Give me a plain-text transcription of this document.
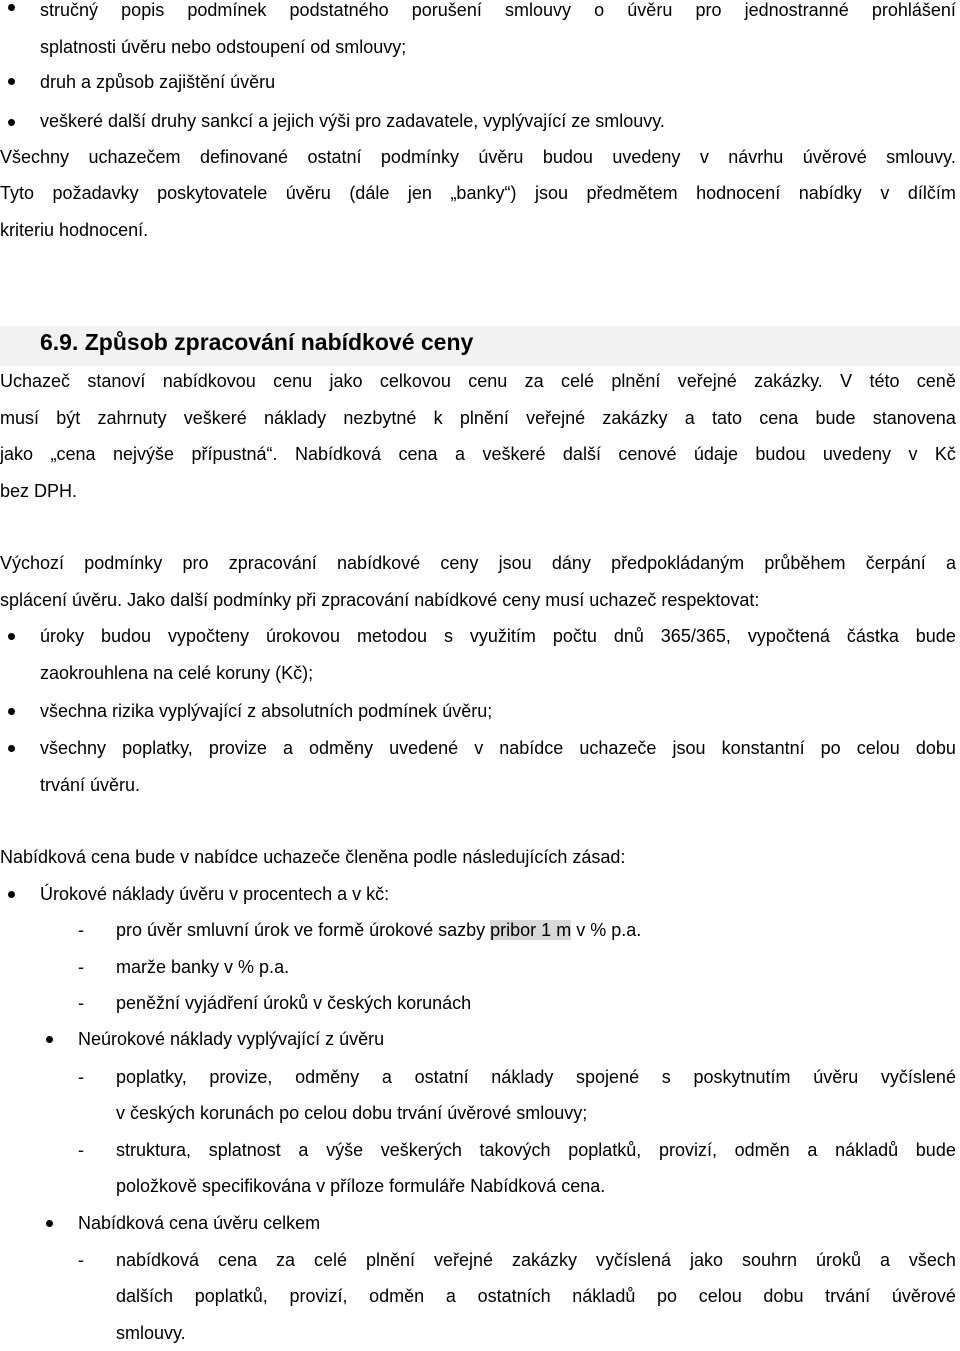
stručný popis podmínek podstatného porušení smlouvy o úvěru pro jednostranné prohlášení
splatnosti úvěru nebo odstoupení od smlouvy;
druh a způsob zajištění úvěru
veškeré další druhy sankcí a jejich výši pro zadavatele, vyplývající ze smlouvy.
Všechny uchazečem definované ostatní podmínky úvěru budou uvedeny v návrhu úvěrové smlouvy.
Tyto požadavky poskytovatele úvěru (dále jen „banky“) jsou předmětem hodnocení nabídky v dílčím
kriteriu hodnocení.
6.9. Způsob zpracování nabídkové ceny
Uchazeč stanoví nabídkovou cenu jako celkovou cenu za celé plnění veřejné zakázky. V této ceně
musí být zahrnuty veškeré náklady nezbytné k plnění veřejné zakázky a tato cena bude stanovena
jako „cena nejvýše přípustná“. Nabídková cena a veškeré další cenové údaje budou uvedeny v Kč
bez DPH.
Výchozí podmínky pro zpracování nabídkové ceny jsou dány předpokládaným průběhem čerpání a
splácení úvěru. Jako další podmínky při zpracování nabídkové ceny musí uchazeč respektovat:
úroky budou vypočteny úrokovou metodou s využitím počtu dnů 365/365, vypočtená částka bude
zaokrouhlena na celé koruny (Kč);
všechna rizika vyplývající z absolutních podmínek úvěru;
všechny poplatky, provize a odměny uvedené v nabídce uchazeče jsou konstantní po celou dobu
trvání úvěru.
Nabídková cena bude v nabídce uchazeče členěna podle následujících zásad:
Úrokové náklady úvěru v procentech a v kč:
- pro úvěr smluvní úrok ve formě úrokové sazby pribor 1 m v % p.a.
- marže banky v % p.a.
- peněžní vyjádření úroků v českých korunách
Neúrokové náklady vyplývající z úvěru
- poplatky, provize, odměny a ostatní náklady spojené s poskytnutím úvěru vyčíslené
v českých korunách po celou dobu trvání úvěrové smlouvy;
- struktura, splatnost a výše veškerých takových poplatků, provizí, odměn a nákladů bude
položkově specifikována v příloze formuláře Nabídková cena.
Nabídková cena úvěru celkem
- nabídková cena za celé plnění veřejné zakázky vyčíslená jako souhrn úroků a všech
dalších poplatků, provizí, odměn a ostatních nákladů po celou dobu trvání úvěrové
smlouvy.
